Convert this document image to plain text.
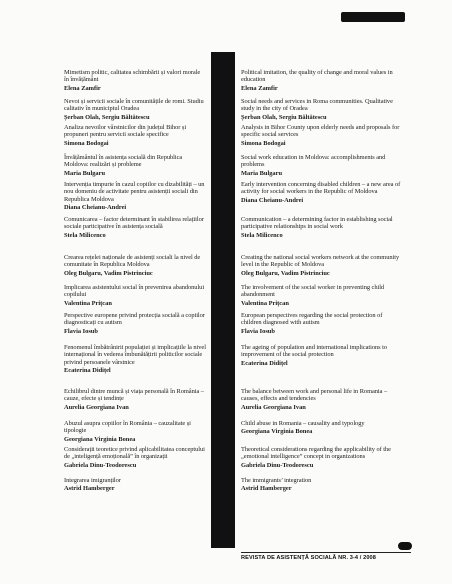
Mimetism politic, calitatea schimbării și valori morale în învățământ
Elena Zamfir
Nevoi și servicii sociale în comunitățile de romi. Studiu calitativ în municipiul Oradea
Șerban Olah, Sergiu Băltătescu
Analiza nevoilor vârstnicilor din județul Bihor și propuneri pentru servicii sociale specifice
Simona Bodogai
Învățământul în asistența socială din Republica Moldova: realizări și probleme
Maria Bulgaru
Intervenția timpurie în cazul copiilor cu dizabilități – un nou domeniu de activitate pentru asistenții sociali din Republica Moldova
Diana Cheianu-Andrei
Comunicarea – factor determinant în stabilirea relațiilor sociale participative în asistența socială
Stela Milicenco
Crearea rețelei naționale de asistenți sociali la nivel de comunitate în Republica Moldova
Oleg Bulgaru, Vadim Pistrinciuc
Implicarea asistentului social în prevenirea abandonului copilului
Valentina Prițcan
Perspective europene privind protecția socială a copiilor diagnosticați cu autism
Flavia Iosub
Fenomenul îmbătrânirii populației și implicațiile la nivel internațional în vederea îmbunătățirii politicilor sociale privind persoanele vârstnice
Ecaterina Didițel
Echilibrul dintre muncă și viața personală în România – cauze, efecte și tendințe
Aurelia Georgiana Ivan
Abuzul asupra copiilor în România – cauzalitate și tipologie
Georgiana Virginia Bonea
Considerații teoretice privind aplicabilitatea conceptului de „inteligență emoțională” în organizații
Gabriela Dinu-Teodorescu
Integrarea imigranților
Astrid Hamberger
Political imitation, the quality of change and moral values in education
Elena Zamfir
Social needs and services in Roma communities. Qualitative study in the city of Oradea
Șerban Olah, Sergiu Băltătescu
Analysis in Bihor County upon elderly needs and proposals for specific social services
Simona Bodogai
Social work education in Moldova: accomplishments and problems
Maria Bulgaru
Early intervention concerning disabled children – a new area of activity for social workers in the Republic of Moldova
Diana Cheianu-Andrei
Communication – a determining factor in establishing social participative relationships in social work
Stela Milicenco
Creating the national social workers network at the community level in the Republic of Moldova
Oleg Bulgaru, Vadim Pistrinciuc
The involvement of the social worker in preventing child abandonment
Valentina Prițcan
European perspectives regarding the social protection of children diagnosed with autism
Flavia Iosub
The ageing of population and international implications to improvement of the social protection
Ecaterina Didițel
The balance between work and personal life in Romania – causes, effects and tendencies
Aurelia Georgiana Ivan
Child abuse in Romania – causality and typology
Georgiana Virginia Bonea
Theoretical considerations regarding the applicability of the „emotional intelligence” concept in organizations
Gabriela Dinu-Teodorescu
The immigrants’ integration
Astrid Hamberger
REVISTA DE ASISTENȚĂ SOCIALĂ NR. 3-4 / 2008
